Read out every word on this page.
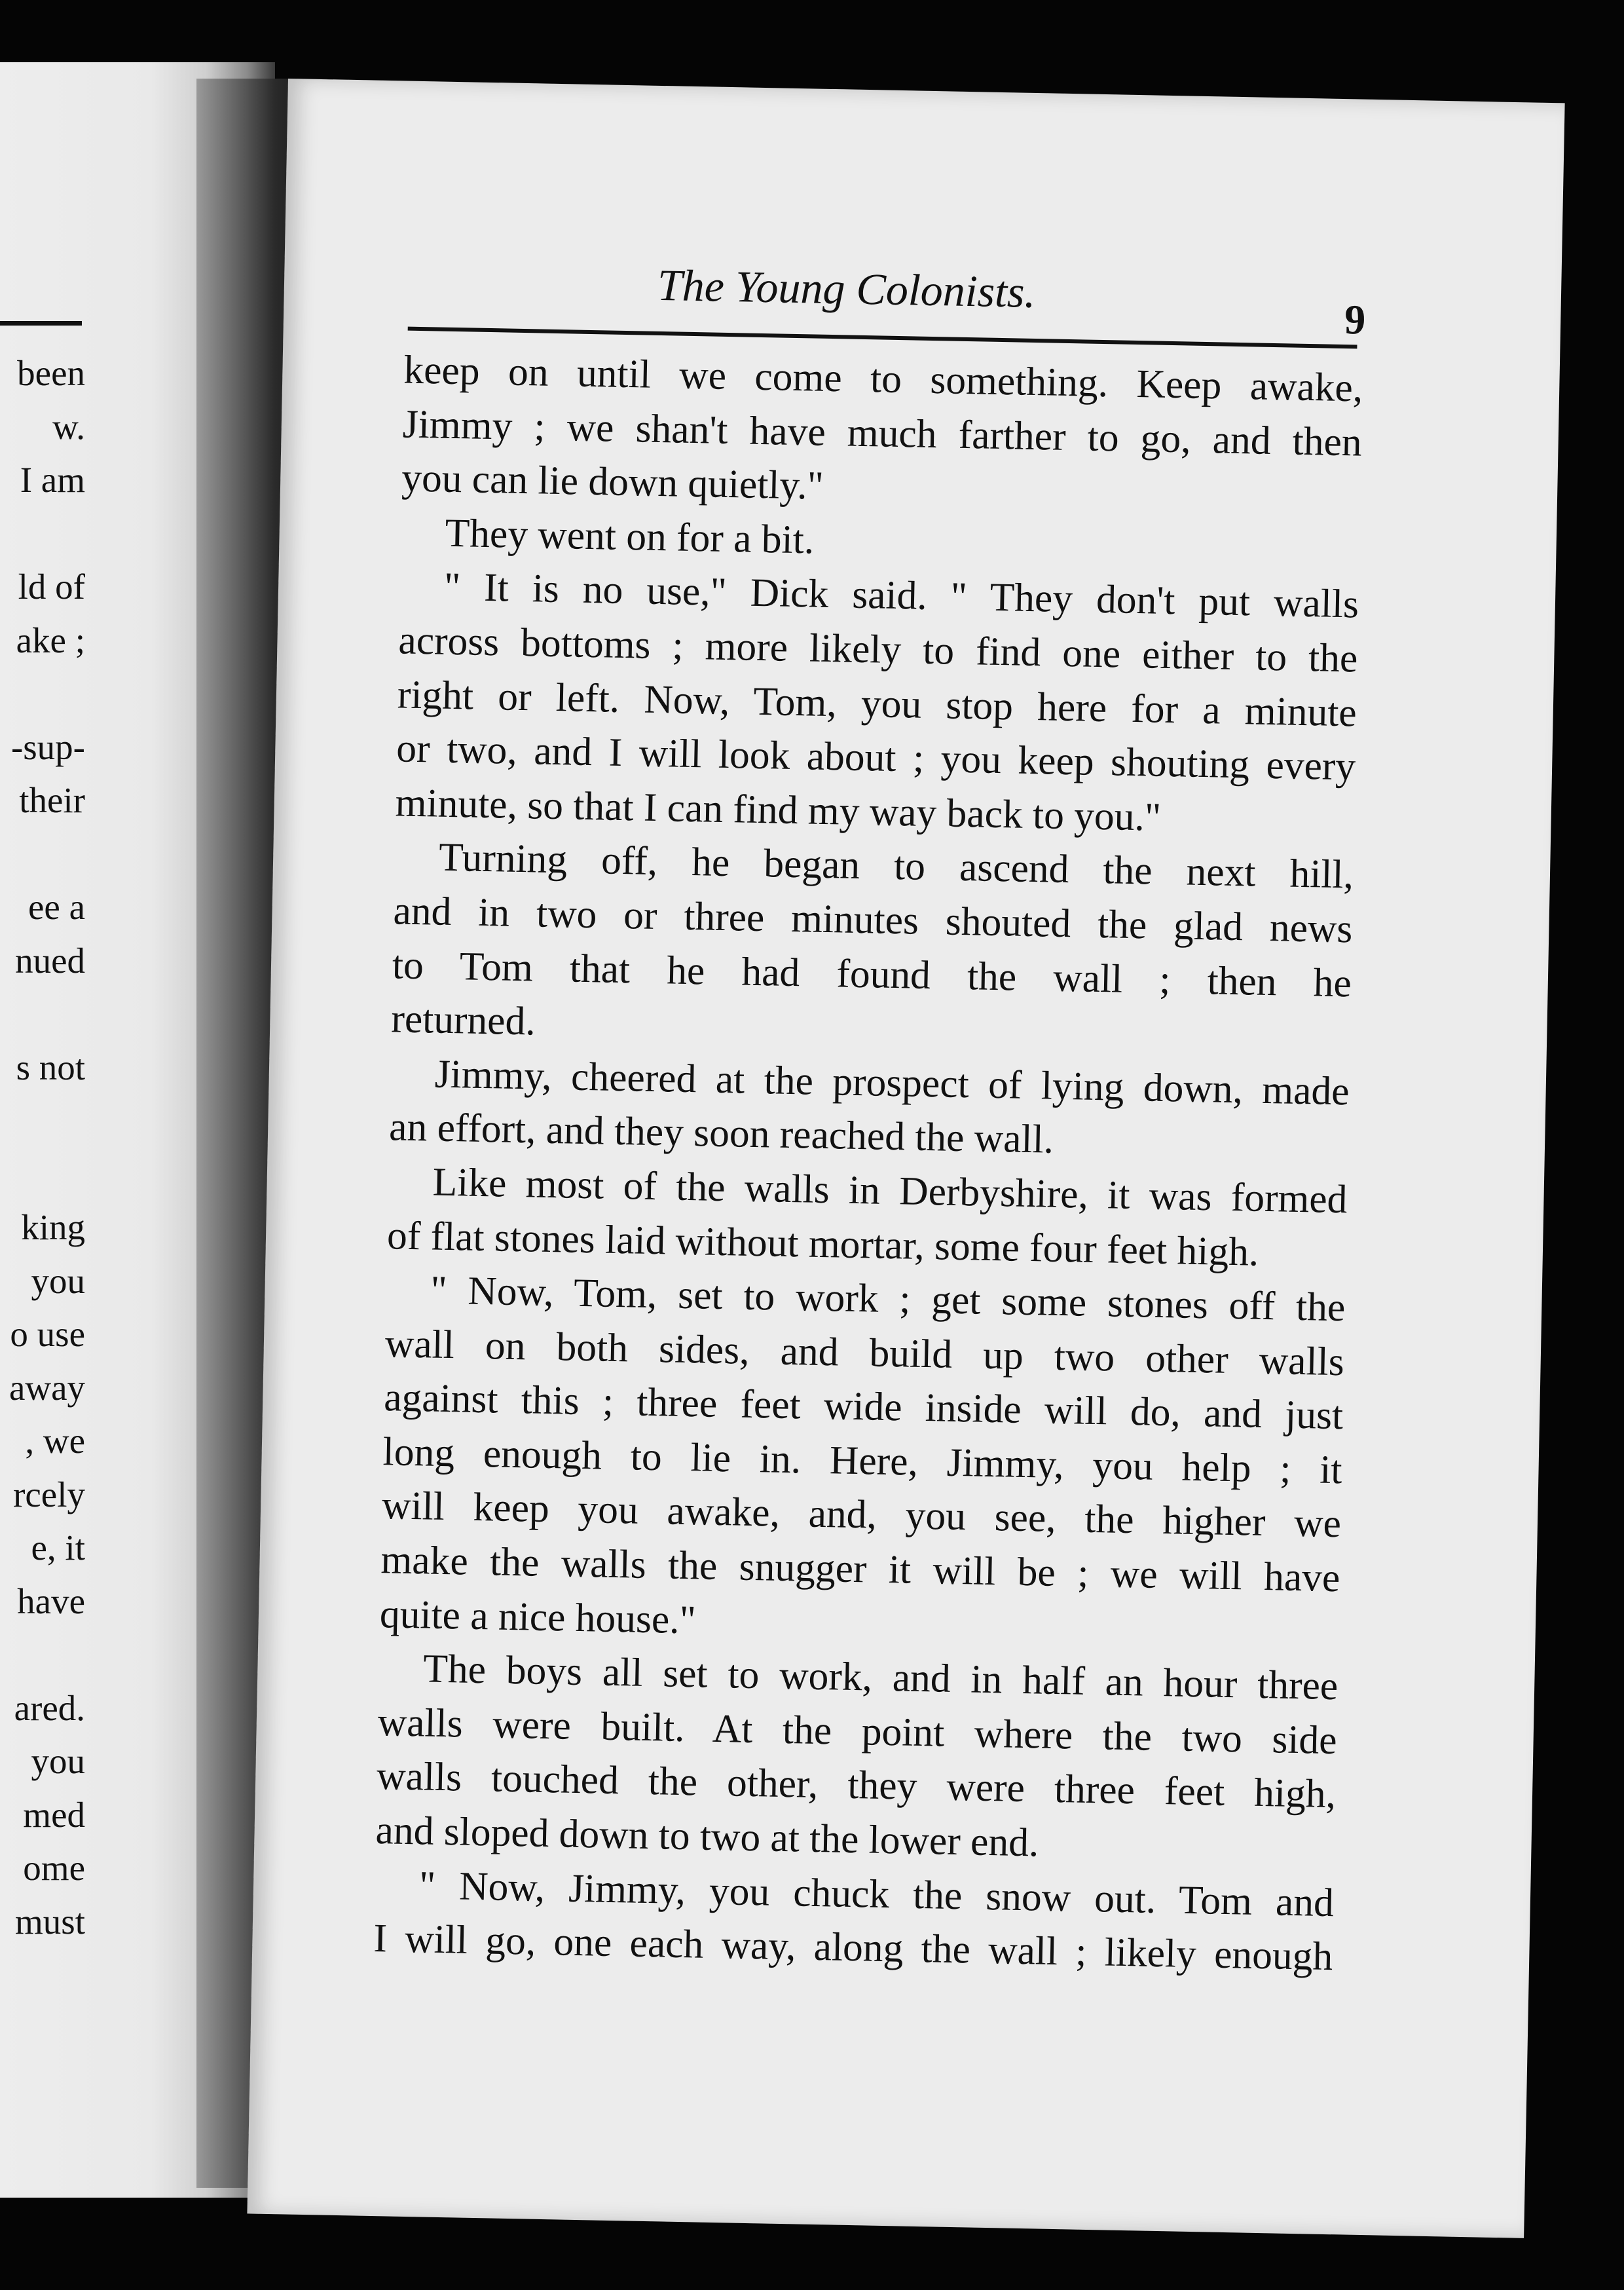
been
w.
I am
ld of
ake ;
-sup-
their
ee a
nued
s not
king
you
o use
away
, we
rcely
e, it
have
ared.
you
med
ome
must
The Young Colonists.
9
keep on until we come to something. Keep awake,
Jimmy ; we shan't have much farther to go, and then
you can lie down quietly."
They went on for a bit.
" It is no use," Dick said. " They don't put walls
across bottoms ; more likely to find one either to the
right or left. Now, Tom, you stop here for a minute
or two, and I will look about ; you keep shouting every
minute, so that I can find my way back to you."
Turning off, he began to ascend the next hill,
and in two or three minutes shouted the glad news
to Tom that he had found the wall ; then he
returned.
Jimmy, cheered at the prospect of lying down, made
an effort, and they soon reached the wall.
Like most of the walls in Derbyshire, it was formed
of flat stones laid without mortar, some four feet high.
" Now, Tom, set to work ; get some stones off the
wall on both sides, and build up two other walls
against this ; three feet wide inside will do, and just
long enough to lie in. Here, Jimmy, you help ; it
will keep you awake, and, you see, the higher we
make the walls the snugger it will be ; we will have
quite a nice house."
The boys all set to work, and in half an hour three
walls were built. At the point where the two side
walls touched the other, they were three feet high,
and sloped down to two at the lower end.
" Now, Jimmy, you chuck the snow out. Tom and
I will go, one each way, along the wall ; likely enough
